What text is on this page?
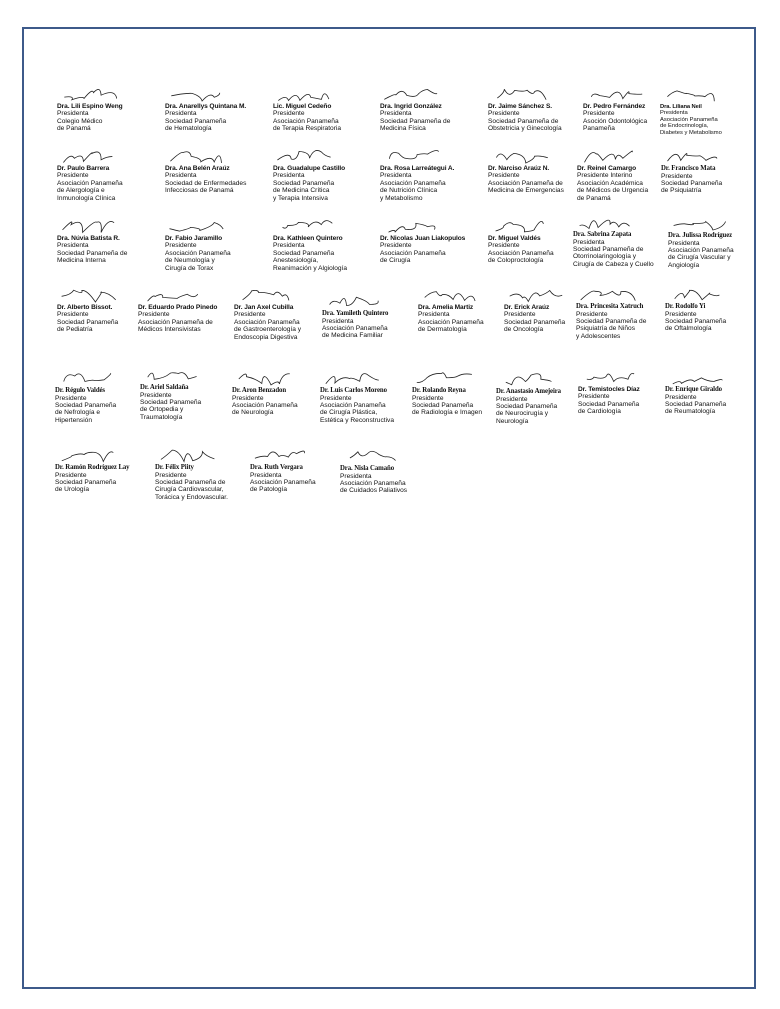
Dra. Lili Espino Weng
Presidenta
Colegio Médico
de Panamá
Dra. Anarellys Quintana M.
Presidenta
Sociedad Panameña
de Hematología
Lic. Miguel Cedeño
Presidente
Asociación Panameña
de Terapia Respiratoria
Dra. Ingrid González
Presidenta
Sociedad Panameña de
Medicina Física
Dr. Jaime Sánchez S.
Presidente
Sociedad Panameña de
Obstetricia y Ginecología
Dr. Pedro Fernández
Presidente
Asoción Odontológica
Panameña
Dra. Liliana Neil
Presidenta
Asociación Panameña
de Endocrinología,
Diabetes y Metabolismo
Dr. Paulo Barrera
Presidente
Asociación Panameña
de Alergología e
Inmunología Clínica
Dra. Ana Belén Araúz
Presidenta
Sociedad de Enfermedades
Infecciosas de Panamá
Dra. Guadalupe Castillo
Presidenta
Sociedad Panameña
de Medicina Crítica
y Terapia Intensiva
Dra. Rosa Larreátegui A.
Presidenta
Asociación Panameña
de Nutrición Clínica
y Metabolismo
Dr. Narciso Araúz N.
Presidente
Asociación Panameña de
Medicina de Emergencias
Dr. Reinel Camargo
Presidente Interino
Asociación Académica
de Médicos de Urgencia
de Panamá
Dr. Francisco Mata
Presidente
Sociedad Panameña
de Psiquiatría
Dra. Núvia Batista R.
Presidenta
Sociedad Panameña de
Medicina Interna
Dr. Fabio Jaramillo
Presidente
Asociación Panameña
de Neumología y
Cirugía de Torax
Dra. Kathleen Quintero
Presidenta
Sociedad Panameña
Anestesiología,
Reanimación y Algiología
Dr. Nicolas Juan Liakopulos
Presidente
Asociación Panameña
de Cirugía
Dr. Miguel Valdés
Presidente
Asociación Panameña
de Coloproctología
Dra. Sabrina Zapata
Presidenta
Sociedad Panameña de
Otorrinolaringología y
Cirugía de Cabeza y Cuello
Dra. Julissa Rodríguez
Presidenta
Asociación Panameña
de Cirugía Vascular y
Angiología
Dr. Alberto Bissot.
Presidente
Sociedad Panameña
de Pediatría
Dr. Eduardo Prado Pinedo
Presidente
Asociación Panameña de
Médicos Intensivistas
Dr. Jan Axel Cubilla
Presidente
Asociación Panameña
de Gastroenterología y
Endoscopia Digestiva
Dra. Yamileth Quintero
Presidenta
Asociación Panameña
de Medicina Familiar
Dra. Amelia Martiz
Presidenta
Asociación Panameña
de Dermatología
Dr. Erick Araúz
Presidente
Sociedad Panameña
de Oncología
Dra. Princesita Xatruch
Presidente
Sociedad Panameña de
Psiquiatría de Niños
y Adolescentes
Dr. Rodolfo Yi
Presidente
Sociedad Panameña
de Oftalmología
Dr. Régulo Valdés
Presidente
Sociedad Panameña
de Nefrología e
Hipertensión
Dr. Ariel Saldaña
Presidente
Sociedad Panameña
de Ortopedia y
Traumatología
Dr. Aron Benzadon
Presidente
Asociación Panameña
de Neurología
Dr. Luis Carlos Moreno
Presidente
Asociación Panameña
de Cirugía Plástica,
Estética y Reconstructiva
Dr. Rolando Reyna
Presidente
Sociedad Panameña
de Radiología e Imagen
Dr. Anastasio Amejeira
Presidente
Sociedad Panameña
de Neurocirugía y
Neurología
Dr. Temistocles Díaz
Presidente
Sociedad Panameña
de Cardiología
Dr. Enrique Giraldo
Presidente
Sociedad Panameña
de Reumatología
Dr. Ramón Rodríguez Lay
Presidente
Sociedad Panameña
de Urología
Dr. Félix Piity
Presidente
Sociedad Panameña de
Cirugía Cardiovascular,
Torácica y Endovascular.
Dra. Ruth Vergara
Presidenta
Asociación Panameña
de Patología
Dra. Nisla Camaño
Presidenta
Asociación Panameña
de Cuidados Paliativos
